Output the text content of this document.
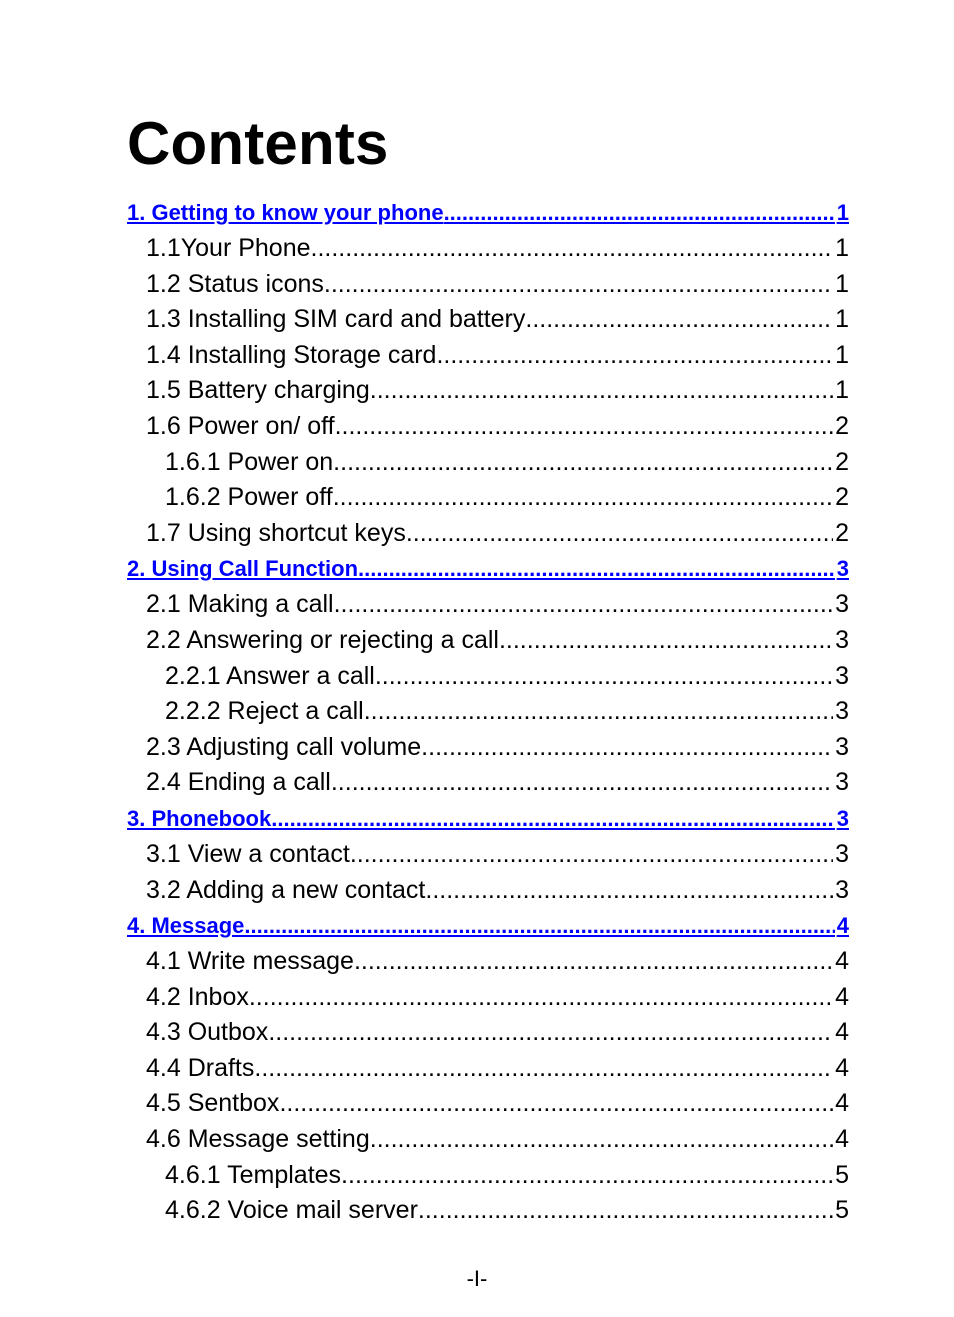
Contents
1. Getting to know your phone .....	1
1.1Your Phone .....	1
1.2 Status icons .....	1
1.3 Installing SIM card and battery .....	1
1.4 Installing Storage card .....	1
1.5 Battery charging .....	1
1.6 Power on/ off .....	2
1.6.1 Power on .....	2
1.6.2 Power off .....	2
1.7 Using shortcut keys .....	2
2. Using Call Function .....	3
2.1 Making a call .....	3
2.2 Answering or rejecting a call .....	3
2.2.1 Answer a call .....	3
2.2.2 Reject a call .....	3
2.3 Adjusting call volume .....	3
2.4 Ending a call .....	3
3. Phonebook .....	3
3.1 View a contact .....	3
3.2 Adding a new contact .....	3
4. Message .....	4
4.1 Write message .....	4
4.2 Inbox .....	4
4.3 Outbox .....	4
4.4 Drafts .....	4
4.5 Sentbox .....	4
4.6 Message setting .....	4
4.6.1 Templates .....	5
4.6.2 Voice mail server .....	5
-I-
